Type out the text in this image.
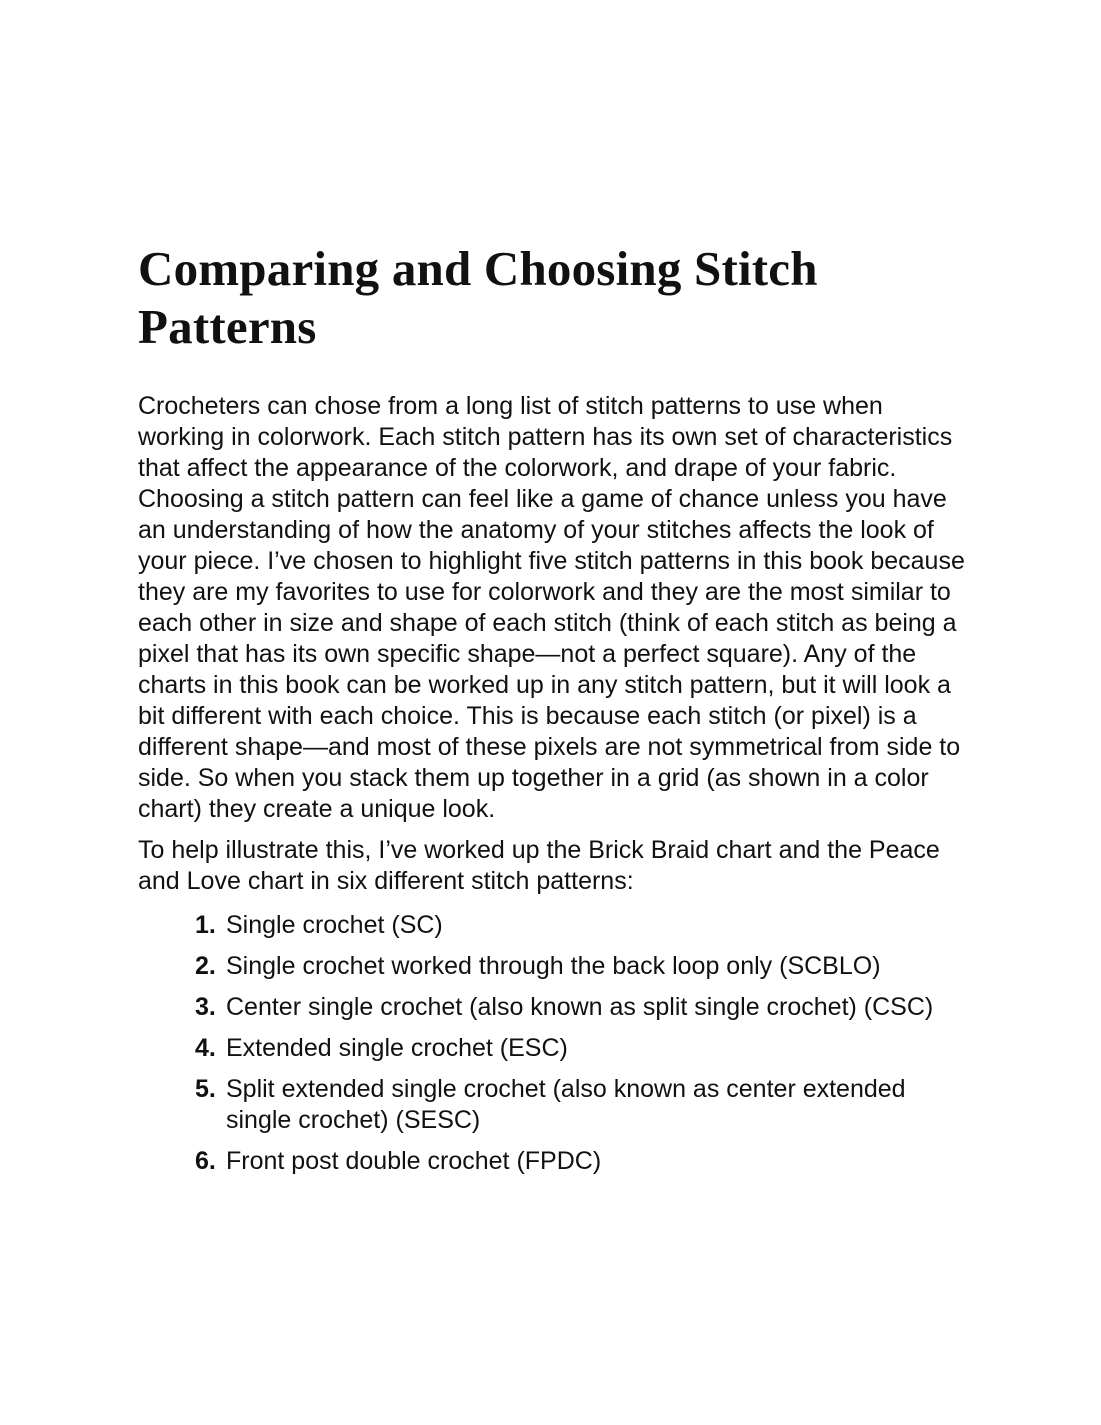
Comparing and Choosing Stitch Patterns

Crocheters can chose from a long list of stitch patterns to use when working in colorwork. Each stitch pattern has its own set of characteristics that affect the appearance of the colorwork, and drape of your fabric. Choosing a stitch pattern can feel like a game of chance unless you have an understanding of how the anatomy of your stitches affects the look of your piece. I’ve chosen to highlight five stitch patterns in this book because they are my favorites to use for colorwork and they are the most similar to each other in size and shape of each stitch (think of each stitch as being a pixel that has its own specific shape—not a perfect square). Any of the charts in this book can be worked up in any stitch pattern, but it will look a bit different with each choice. This is because each stitch (or pixel) is a different shape—and most of these pixels are not symmetrical from side to side. So when you stack them up together in a grid (as shown in a color chart) they create a unique look.

To help illustrate this, I’ve worked up the Brick Braid chart and the Peace and Love chart in six different stitch patterns:

1. Single crochet (SC)
2. Single crochet worked through the back loop only (SCBLO)
3. Center single crochet (also known as split single crochet) (CSC)
4. Extended single crochet (ESC)
5. Split extended single crochet (also known as center extended single crochet) (SESC)
6. Front post double crochet (FPDC)
